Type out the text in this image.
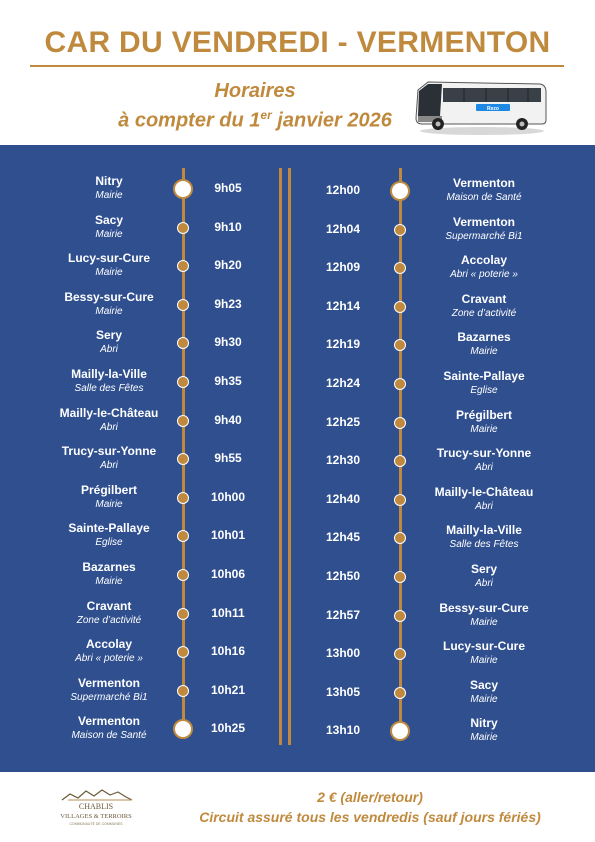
CAR DU VENDREDI - VERMENTON
Horaires
à compter du 1er janvier 2026
Rezo
Nitry
Mairie
9h05
Sacy
Mairie
9h10
Lucy-sur-Cure
Mairie
9h20
Bessy-sur-Cure
Mairie
9h23
Sery
Abri
9h30
Mailly-la-Ville
Salle des Fêtes
9h35
Mailly-le-Château
Abri
9h40
Trucy-sur-Yonne
Abri
9h55
Prégilbert
Mairie
10h00
Sainte-Pallaye
Eglise
10h01
Bazarnes
Mairie
10h06
Cravant
Zone d’activité
10h11
Accolay
Abri « poterie »
10h16
Vermenton
Supermarché Bi1
10h21
Vermenton
Maison de Santé
10h25
Vermenton
Maison de Santé
12h00
Vermenton
Supermarché Bi1
12h04
Accolay
Abri « poterie »
12h09
Cravant
Zone d’activité
12h14
Bazarnes
Mairie
12h19
Sainte-Pallaye
Eglise
12h24
Prégilbert
Mairie
12h25
Trucy-sur-Yonne
Abri
12h30
Mailly-le-Château
Abri
12h40
Mailly-la-Ville
Salle des Fêtes
12h45
Sery
Abri
12h50
Bessy-sur-Cure
Mairie
12h57
Lucy-sur-Cure
Mairie
13h00
Sacy
Mairie
13h05
Nitry
Mairie
13h10
CHABLIS
VILLAGES & TERROIRS
COMMUNAUTÉ DE COMMUNES
2 € (aller/retour)
Circuit assuré tous les vendredis (sauf jours fériés)
